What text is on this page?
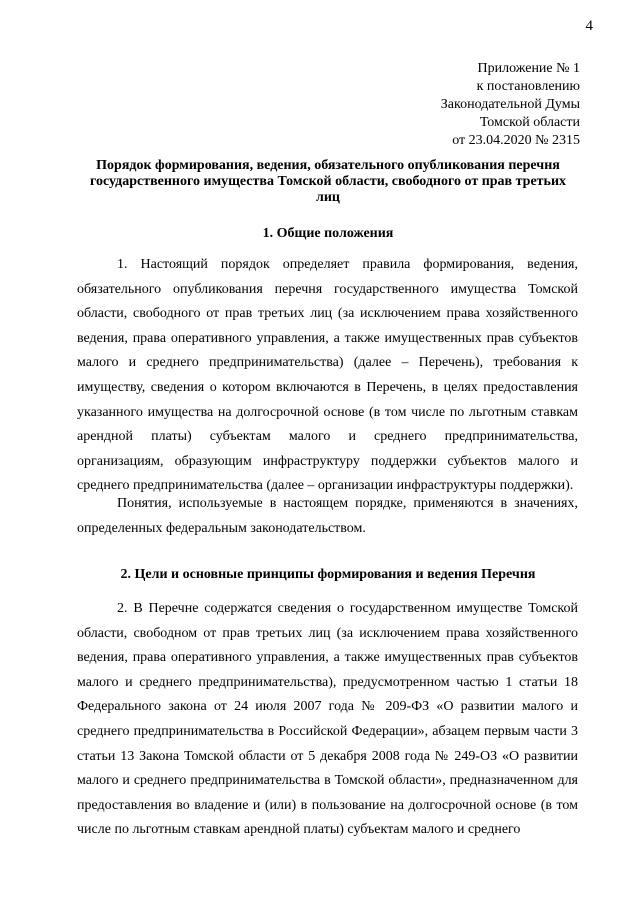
4
Приложение № 1
к постановлению
Законодательной Думы
Томской области
от 23.04.2020 № 2315
Порядок формирования, ведения, обязательного опубликования перечня государственного имущества Томской области, свободного от прав третьих лиц
1. Общие положения

1. Настоящий порядок определяет правила формирования, ведения, обязательного опубликования перечня государственного имущества Томской области, свободного от прав третьих лиц (за исключением права хозяйственного ведения, права оперативного управления, а также имущественных прав субъектов малого и среднего предпринимательства) (далее – Перечень), требования к имуществу, сведения о котором включаются в Перечень, в целях предоставления указанного имущества на долгосрочной основе (в том числе по льготным ставкам арендной платы) субъектам малого и среднего предпринимательства, организациям, образующим инфраструктуру поддержки субъектов малого и среднего предпринимательства (далее – организации инфраструктуры поддержки).

Понятия, используемые в настоящем порядке, применяются в значениях, определенных федеральным законодательством.

2. Цели и основные принципы формирования и ведения Перечня

2. В Перечне содержатся сведения о государственном имуществе Томской области, свободном от прав третьих лиц (за исключением права хозяйственного ведения, права оперативного управления, а также имущественных прав субъектов малого и среднего предпринимательства), предусмотренном частью 1 статьи 18 Федерального закона от 24 июля 2007 года № 209-ФЗ «О развитии малого и среднего предпринимательства в Российской Федерации», абзацем первым части 3 статьи 13 Закона Томской области от 5 декабря 2008 года № 249-ОЗ «О развитии малого и среднего предпринимательства в Томской области», предназначенном для предоставления во владение и (или) в пользование на долгосрочной основе (в том числе по льготным ставкам арендной платы) субъектам малого и среднего
